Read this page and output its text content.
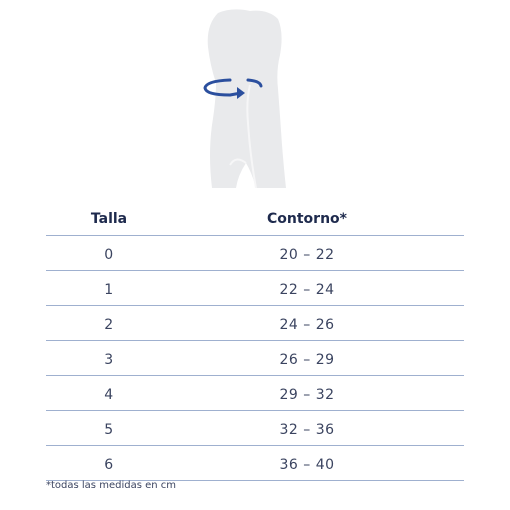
Talla	Contorno*
0	20 – 22
1	22 – 24
2	24 – 26
3	26 – 29
4	29 – 32
5	32 – 36
6	36 – 40
*todas las medidas en cm
